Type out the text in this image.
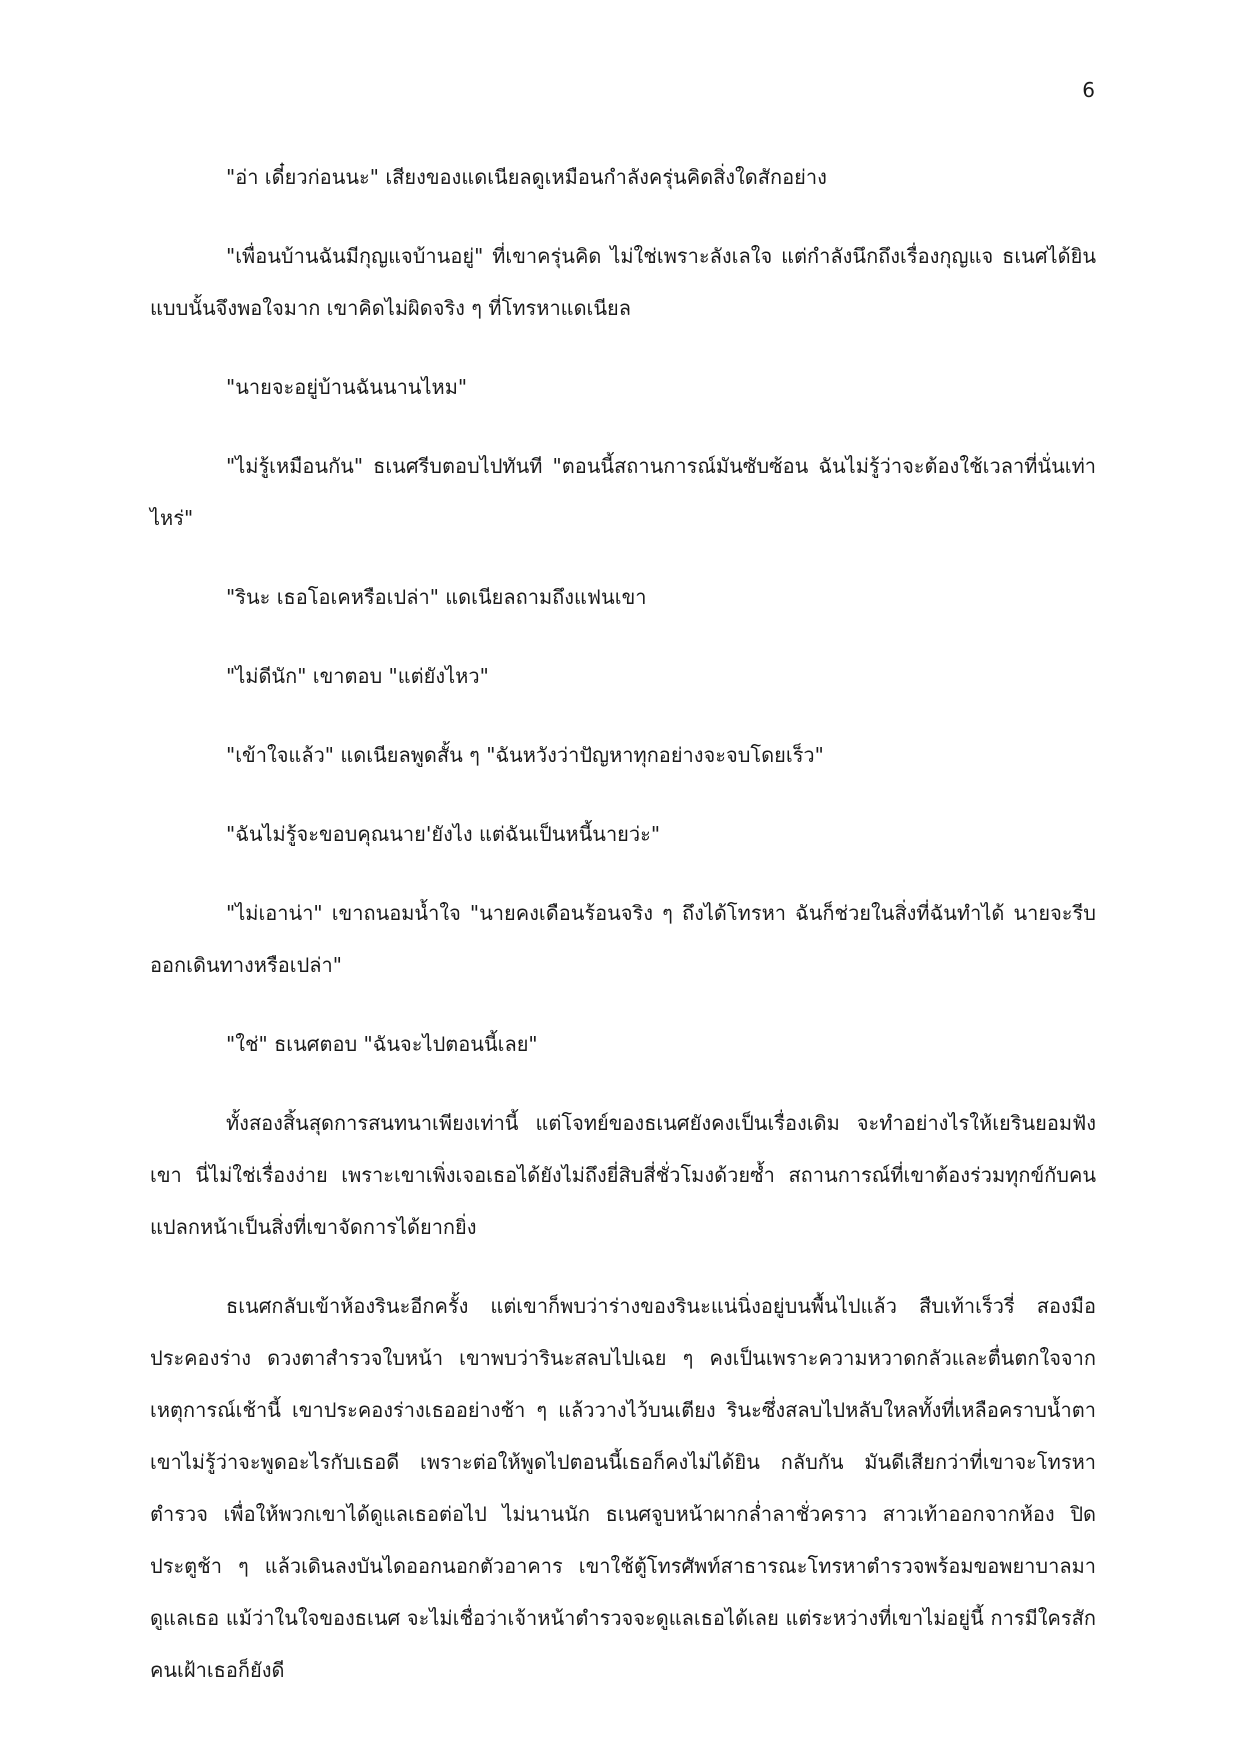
6

"อ่า เดี๋ยวก่อนนะ" เสียงของแดเนียลดูเหมือนกำลังครุ่นคิดสิ่งใดสักอย่าง

"เพื่อนบ้านฉันมีกุญแจบ้านอยู่" ที่เขาครุ่นคิด ไม่ใช่เพราะลังเลใจ แต่กำลังนึกถึงเรื่องกุญแจ ธเนศได้ยินแบบนั้นจึงพอใจมาก เขาคิดไม่ผิดจริง ๆ ที่โทรหาแดเนียล

"นายจะอยู่บ้านฉันนานไหม"

"ไม่รู้เหมือนกัน" ธเนศรีบตอบไปทันที "ตอนนี้สถานการณ์มันซับซ้อน ฉันไม่รู้ว่าจะต้องใช้เวลาที่นั่นเท่าไหร่"

"รินะ เธอโอเคหรือเปล่า" แดเนียลถามถึงแฟนเขา

"ไม่ดีนัก" เขาตอบ "แต่ยังไหว"

"เข้าใจแล้ว" แดเนียลพูดสั้น ๆ "ฉันหวังว่าปัญหาทุกอย่างจะจบโดยเร็ว"

"ฉันไม่รู้จะขอบคุณนาย'ยังไง แต่ฉันเป็นหนี้นายว่ะ"

"ไม่เอาน่า" เขาถนอมน้ำใจ "นายคงเดือนร้อนจริง ๆ ถึงได้โทรหา ฉันก็ช่วยในสิ่งที่ฉันทำได้ นายจะรีบออกเดินทางหรือเปล่า"

"ใช่" ธเนศตอบ "ฉันจะไปตอนนี้เลย"

ทั้งสองสิ้นสุดการสนทนาเพียงเท่านี้ แต่โจทย์ของธเนศยังคงเป็นเรื่องเดิม จะทำอย่างไรให้เยรินยอมฟังเขา นี่ไม่ใช่เรื่องง่าย เพราะเขาเพิ่งเจอเธอได้ยังไม่ถึงยี่สิบสี่ชั่วโมงด้วยซ้ำ สถานการณ์ที่เขาต้องร่วมทุกข์กับคนแปลกหน้าเป็นสิ่งที่เขาจัดการได้ยากยิ่ง

ธเนศกลับเข้าห้องรินะอีกครั้ง แต่เขาก็พบว่าร่างของรินะแน่นิ่งอยู่บนพื้นไปแล้ว สืบเท้าเร็วรี่ สองมือประคองร่าง ดวงตาสำรวจใบหน้า เขาพบว่ารินะสลบไปเฉย ๆ คงเป็นเพราะความหวาดกลัวและตื่นตกใจจากเหตุการณ์เช้านี้ เขาประคองร่างเธออย่างช้า ๆ แล้ววางไว้บนเตียง รินะซึ่งสลบไปหลับใหลทั้งที่เหลือคราบน้ำตา เขาไม่รู้ว่าจะพูดอะไรกับเธอดี เพราะต่อให้พูดไปตอนนี้เธอก็คงไม่ได้ยิน กลับกัน มันดีเสียกว่าที่เขาจะโทรหาตำรวจ เพื่อให้พวกเขาได้ดูแลเธอต่อไป ไม่นานนัก ธเนศจูบหน้าผากล่ำลาชั่วคราว สาวเท้าออกจากห้อง ปิดประตูช้า ๆ แล้วเดินลงบันไดออกนอกตัวอาคาร เขาใช้ตู้โทรศัพท์สาธารณะโทรหาตำรวจพร้อมขอพยาบาลมาดูแลเธอ แม้ว่าในใจของธเนศ จะไม่เชื่อว่าเจ้าหน้าตำรวจจะดูแลเธอได้เลย แต่ระหว่างที่เขาไม่อยู่นี้ การมีใครสักคนเฝ้าเธอก็ยังดี
